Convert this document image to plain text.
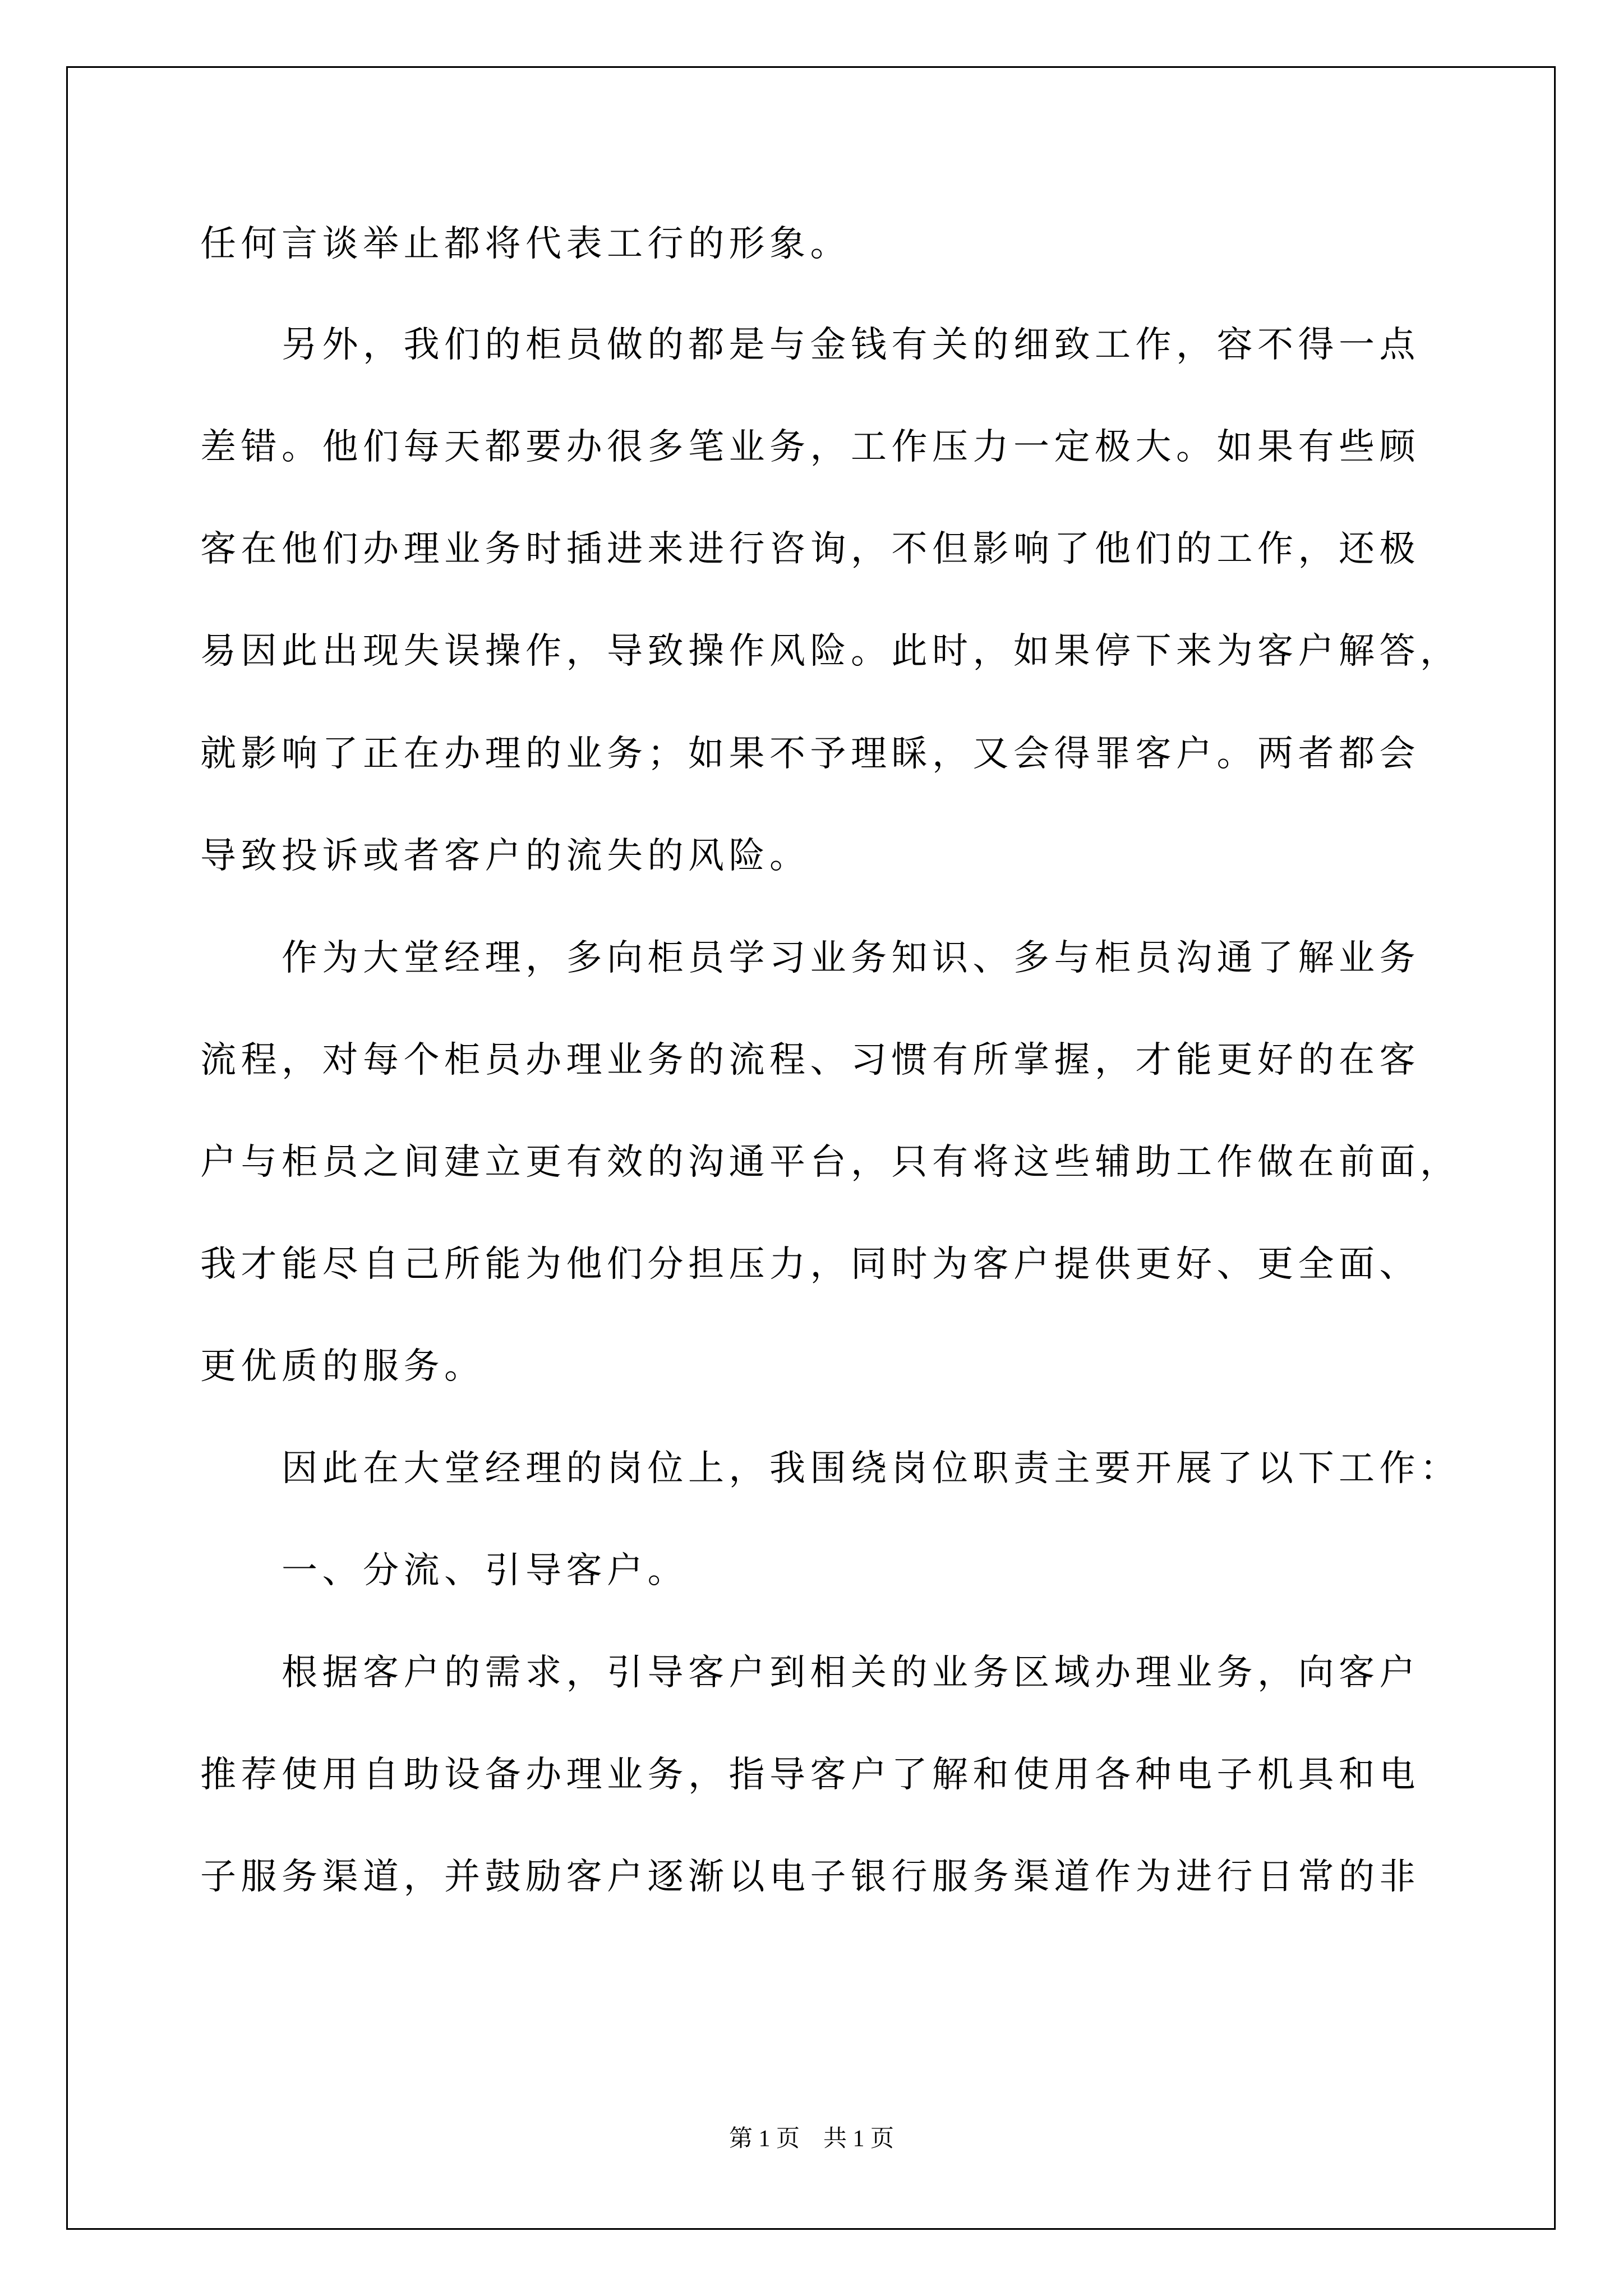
任何言谈举止都将代表工行的形象。
　　另外，我们的柜员做的都是与金钱有关的细致工作，容不得一点
差错。他们每天都要办很多笔业务，工作压力一定极大。如果有些顾
客在他们办理业务时插进来进行咨询，不但影响了他们的工作，还极
易因此出现失误操作，导致操作风险。此时，如果停下来为客户解答，
就影响了正在办理的业务；如果不予理睬，又会得罪客户。两者都会
导致投诉或者客户的流失的风险。
　　作为大堂经理，多向柜员学习业务知识、多与柜员沟通了解业务
流程，对每个柜员办理业务的流程、习惯有所掌握，才能更好的在客
户与柜员之间建立更有效的沟通平台，只有将这些辅助工作做在前面，
我才能尽自己所能为他们分担压力，同时为客户提供更好、更全面、
更优质的服务。
　　因此在大堂经理的岗位上，我围绕岗位职责主要开展了以下工作：
　　一、分流、引导客户。
　　根据客户的需求，引导客户到相关的业务区域办理业务，向客户
推荐使用自助设备办理业务，指导客户了解和使用各种电子机具和电
子服务渠道，并鼓励客户逐渐以电子银行服务渠道作为进行日常的非
第 1 页　共 1 页
